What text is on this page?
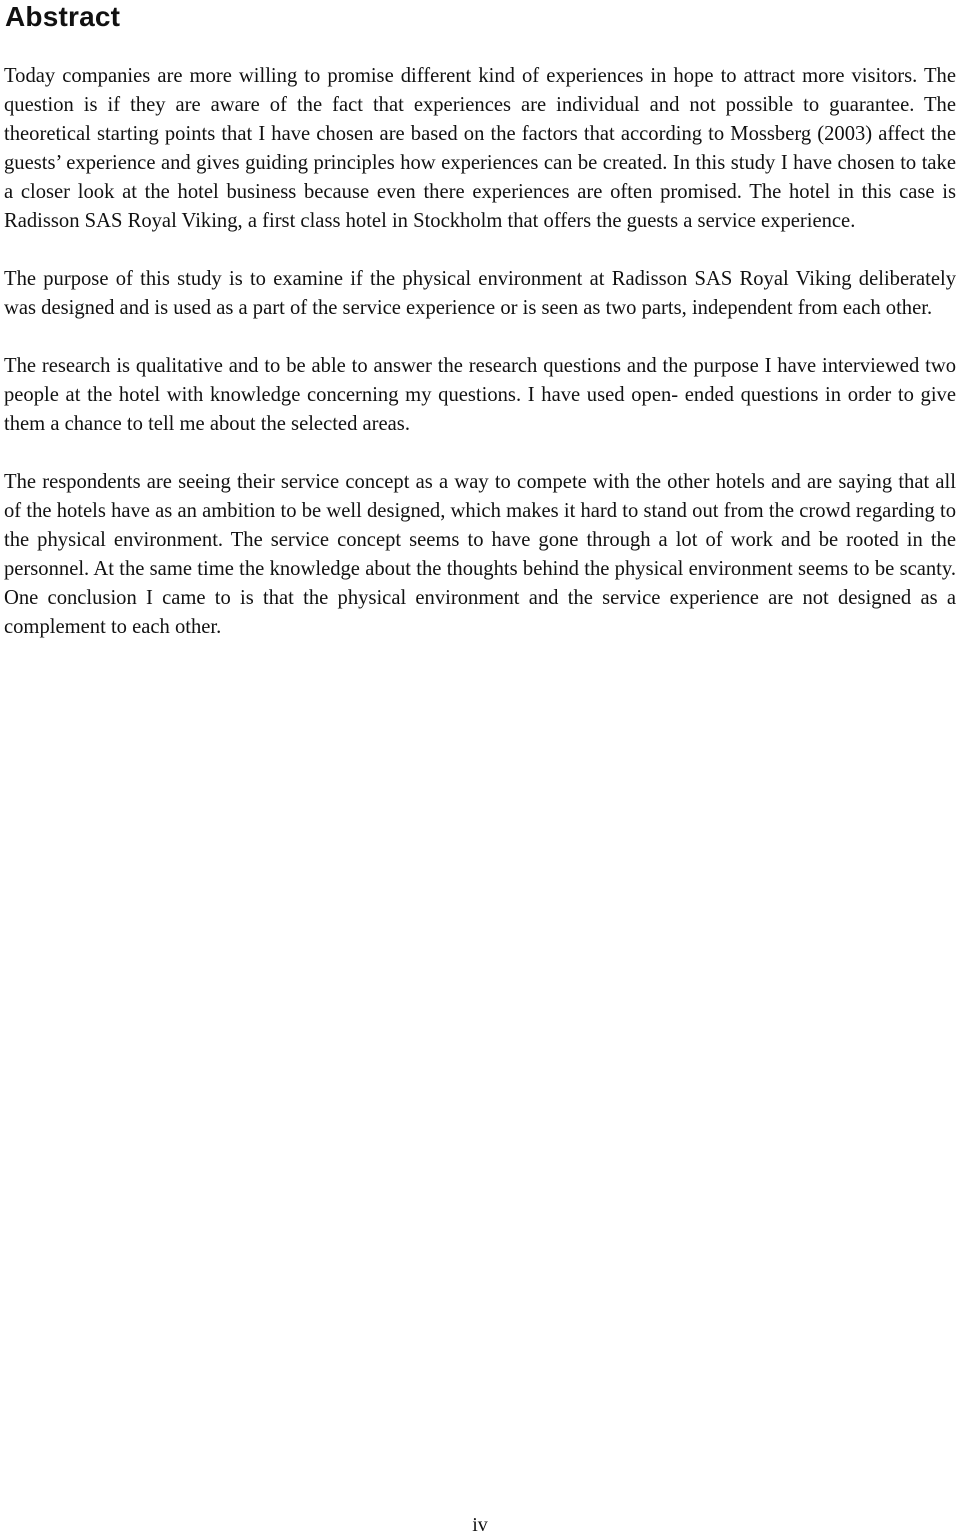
Abstract

Today companies are more willing to promise different kind of experiences in hope to attract more visitors. The question is if they are aware of the fact that experiences are individual and not possible to guarantee. The theoretical starting points that I have chosen are based on the factors that according to Mossberg (2003) affect the guests’ experience and gives guiding principles how experiences can be created. In this study I have chosen to take a closer look at the hotel business because even there experiences are often promised. The hotel in this case is Radisson SAS Royal Viking, a first class hotel in Stockholm that offers the guests a service experience.

The purpose of this study is to examine if the physical environment at Radisson SAS Royal Viking deliberately was designed and is used as a part of the service experience or is seen as two parts, independent from each other.

The research is qualitative and to be able to answer the research questions and the purpose I have interviewed two people at the hotel with knowledge concerning my questions. I have used open- ended questions in order to give them a chance to tell me about the selected areas.

The respondents are seeing their service concept as a way to compete with the other hotels and are saying that all of the hotels have as an ambition to be well designed, which makes it hard to stand out from the crowd regarding to the physical environment. The service concept seems to have gone through a lot of work and be rooted in the personnel. At the same time the knowledge about the thoughts behind the physical environment seems to be scanty. One conclusion I came to is that the physical environment and the service experience are not designed as a complement to each other.

iv
